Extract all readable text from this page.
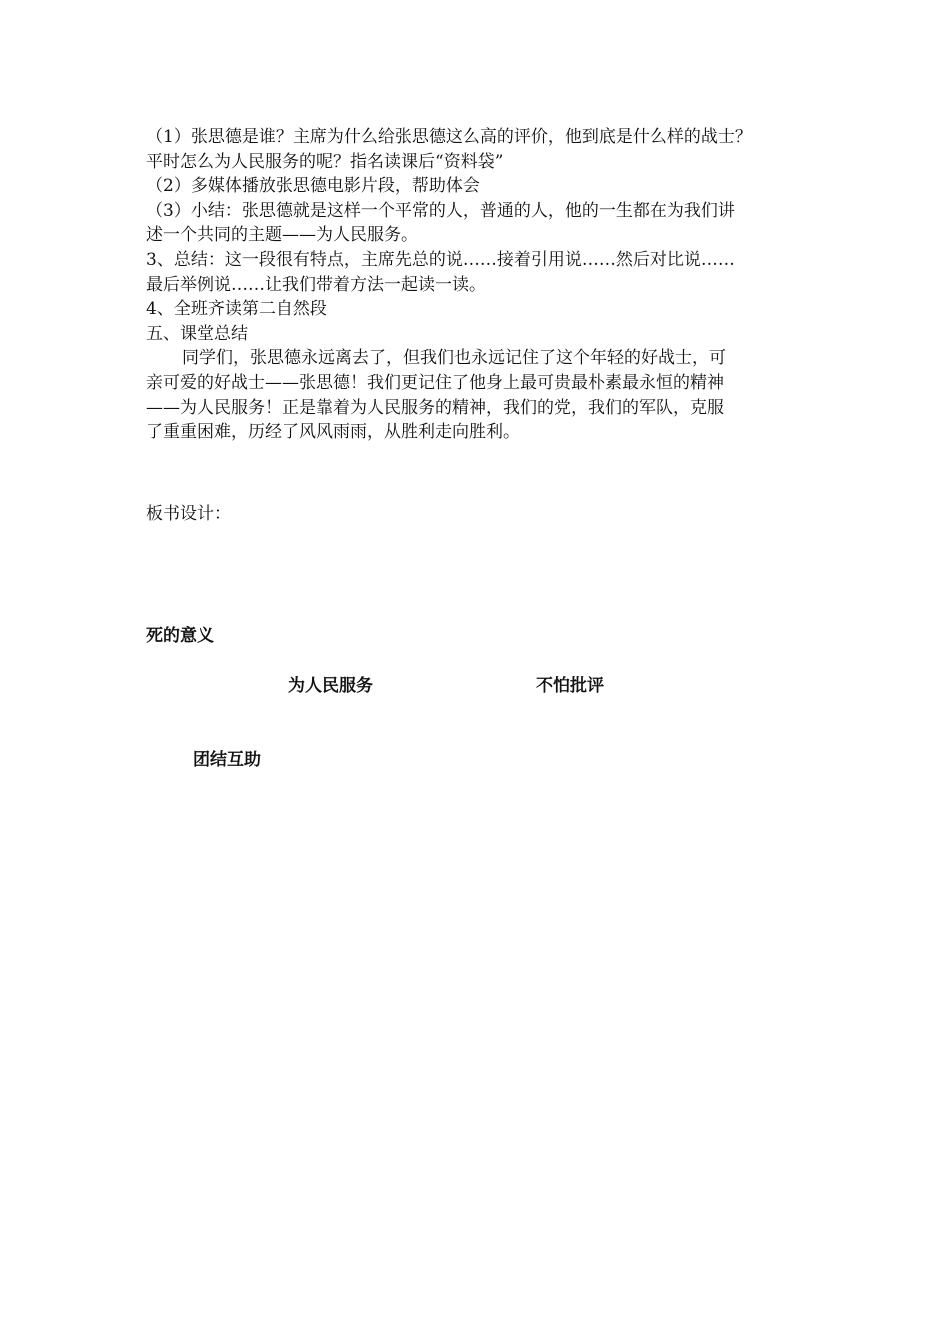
（1）张思德是谁？主席为什么给张思德这么高的评价，他到底是什么样的战士？
平时怎么为人民服务的呢？指名读课后“资料袋”
（2）多媒体播放张思德电影片段，帮助体会
（3）小结：张思德就是这样一个平常的人，普通的人，他的一生都在为我们讲
述一个共同的主题——为人民服务。
3、总结：这一段很有特点，主席先总的说……接着引用说……然后对比说……
最后举例说……让我们带着方法一起读一读。
4、全班齐读第二自然段
五、课堂总结
同学们，张思德永远离去了，但我们也永远记住了这个年轻的好战士，可
亲可爱的好战士——张思德！我们更记住了他身上最可贵最朴素最永恒的精神
——为人民服务！正是靠着为人民服务的精神，我们的党，我们的军队，克服
了重重困难，历经了风风雨雨，从胜利走向胜利。
板书设计：
死的意义
为人民服务	不怕批评
团结互助
